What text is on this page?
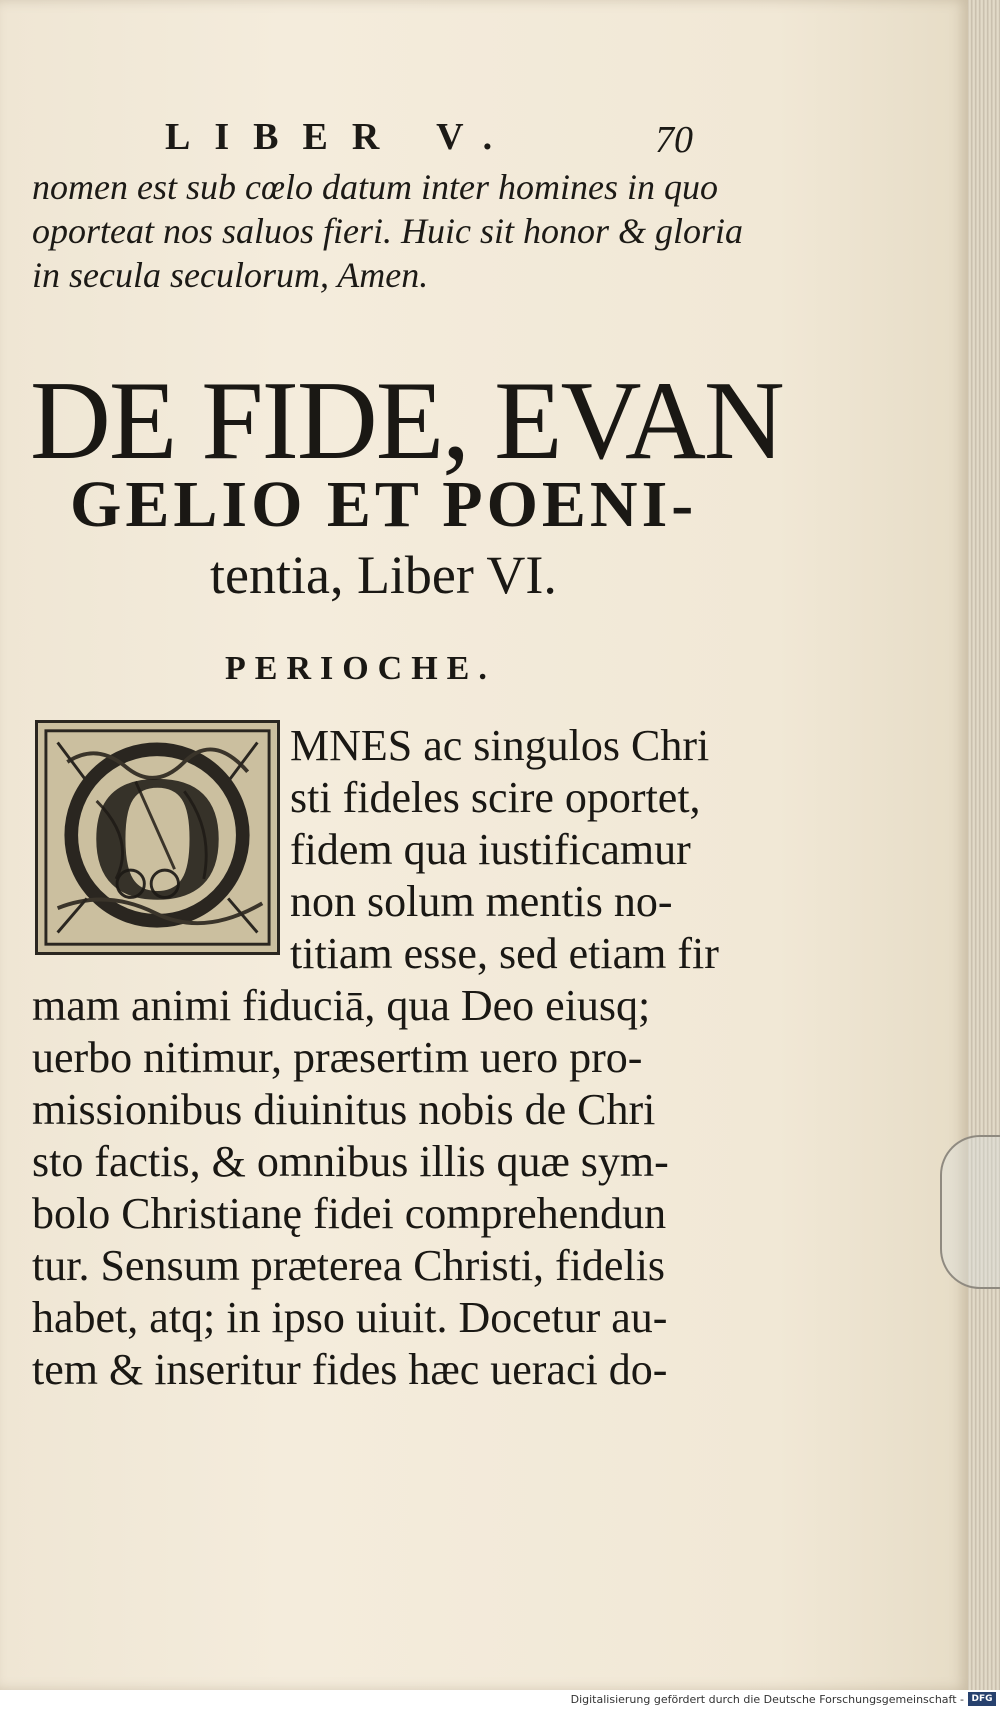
LIBER V.	70
nomen est sub cœlo datum inter homines in quo
oporteat nos saluos fieri. Huic sit honor & gloria
in secula seculorum, Amen.
DE FIDE, EVAN
GELIO ET POENI-
tentia, Liber VI.
PERIOCHE.
O	MNES ac singulos Chri
sti fideles scire oportet,
fidem qua iustificamur
non solum mentis no-
titiam esse, sed etiam fir
mam animi fiduciā, qua Deo eiusq;
uerbo nitimur, præsertim uero pro-
missionibus diuinitus nobis de Chri
sto factis, & omnibus illis quæ sym-
bolo Christianę fidei comprehendun
tur. Sensum præterea Christi, fidelis
habet, atq; in ipso uiuit. Docetur au-
tem & inseritur fides hæc ueraci do-
Digitalisierung gefördert durch die Deutsche Forschungsgemeinschaft - DFG
